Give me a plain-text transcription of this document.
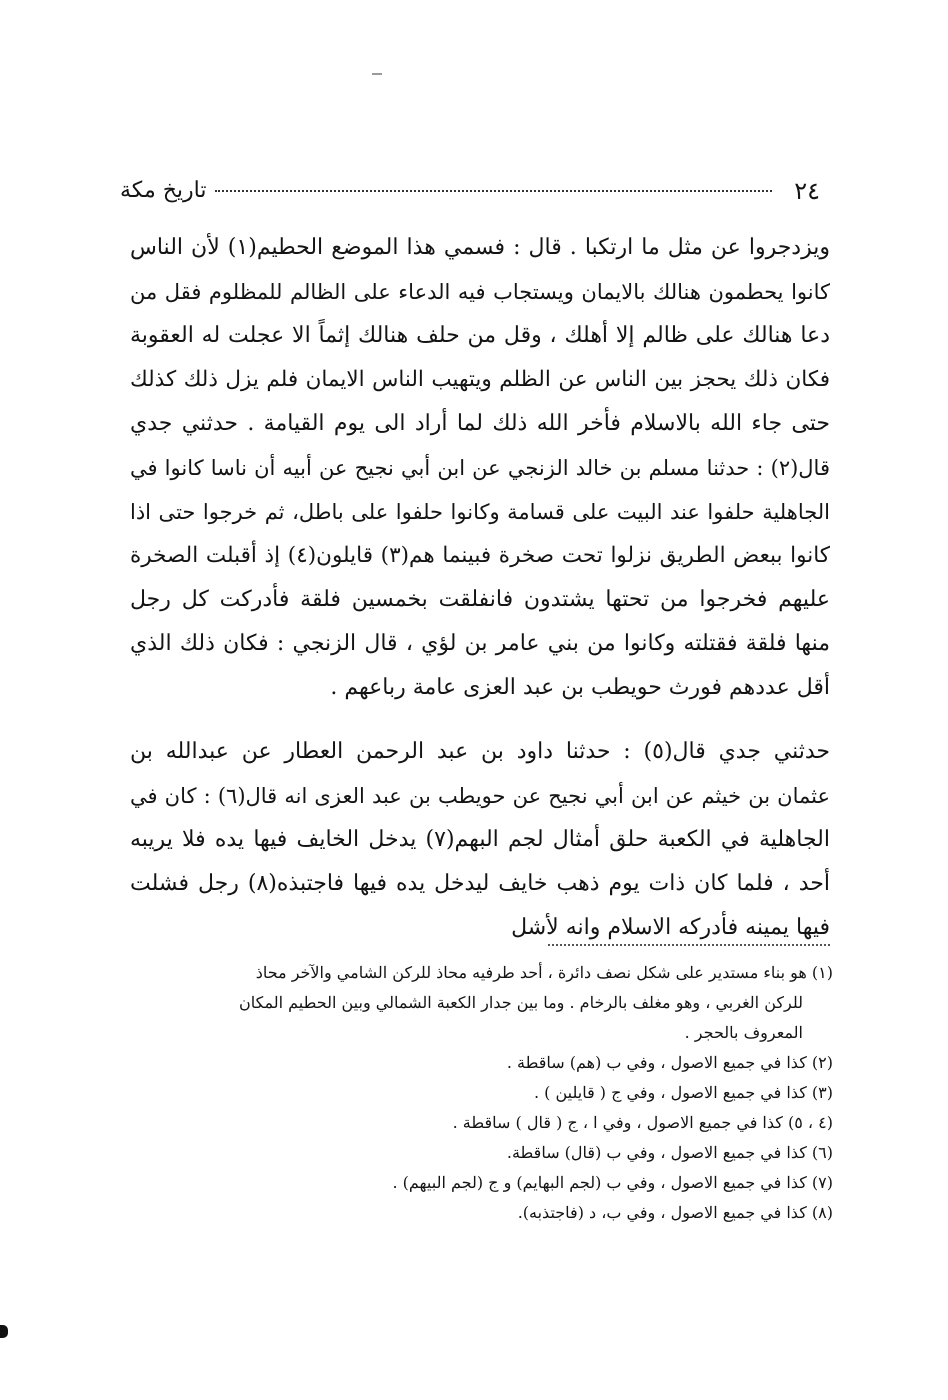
٢٤
تاريخ مكة
ويزدجروا عن مثل ما ارتكبا . قال : فسمي هذا الموضع الحطيم(١) لأن الناس
كانوا يحطمون هنالك بالايمان ويستجاب فيه الدعاء على الظالم للمظلوم فقل من
دعا هنالك على ظالم إلا أهلك ، وقل من حلف هنالك إثماً الا عجلت له العقوبة
فكان ذلك يحجز بين الناس عن الظلم ويتهيب الناس الايمان فلم يزل ذلك كذلك
حتى جاء الله بالاسلام فأخر الله ذلك لما أراد الى يوم القيامة . حدثني جدي
قال(٢) : حدثنا مسلم بن خالد الزنجي عن ابن أبي نجيح عن أبيه أن ناسا كانوا في
الجاهلية حلفوا عند البيت على قسامة وكانوا حلفوا على باطل، ثم خرجوا حتى اذا
كانوا ببعض الطريق نزلوا تحت صخرة فبينما هم(٣) قايلون(٤) إذ أقبلت الصخرة
عليهم فخرجوا من تحتها يشتدون فانفلقت بخمسين فلقة فأدركت كل رجل
منها فلقة فقتلته وكانوا من بني عامر بن لؤي ، قال الزنجي : فكان ذلك الذي
أقل عددهم فورث حويطب بن عبد العزى عامة رباعهم .
حدثني جدي قال(٥) : حدثنا داود بن عبد الرحمن العطار عن عبدالله بن
عثمان بن خيثم عن ابن أبي نجيح عن حويطب بن عبد العزى انه قال(٦) : كان في
الجاهلية في الكعبة حلق أمثال لجم البهم(٧) يدخل الخايف فيها يده فلا يريبه
أحد ، فلما كان ذات يوم ذهب خايف ليدخل يده فيها فاجتبذه(٨) رجل فشلت
فيها يمينه فأدركه الاسلام وانه لأشل
(١) هو بناء مستدير على شكل نصف دائرة ، أحد طرفيه محاذ للركن الشامي والآخر محاذ
للركن الغربي ، وهو مغلف بالرخام . وما بين جدار الكعبة الشمالي وبين الحطيم المكان
المعروف بالحجر .
(٢) كذا في جميع الاصول ، وفي ب (هم) ساقطة .
(٣) كذا في جميع الاصول ، وفي ج ( قايلين ) .
(٤ ، ٥) كذا في جميع الاصول ، وفي ا ، ج ( قال ) ساقطة .
(٦) كذا في جميع الاصول ، وفي ب (قال) ساقطة.
(٧) كذا في جميع الاصول ، وفي ب (لجم البهايم) و ج (لجم البيهم) .
(٨) كذا في جميع الاصول ، وفي ب، د (فاجتذبه).
